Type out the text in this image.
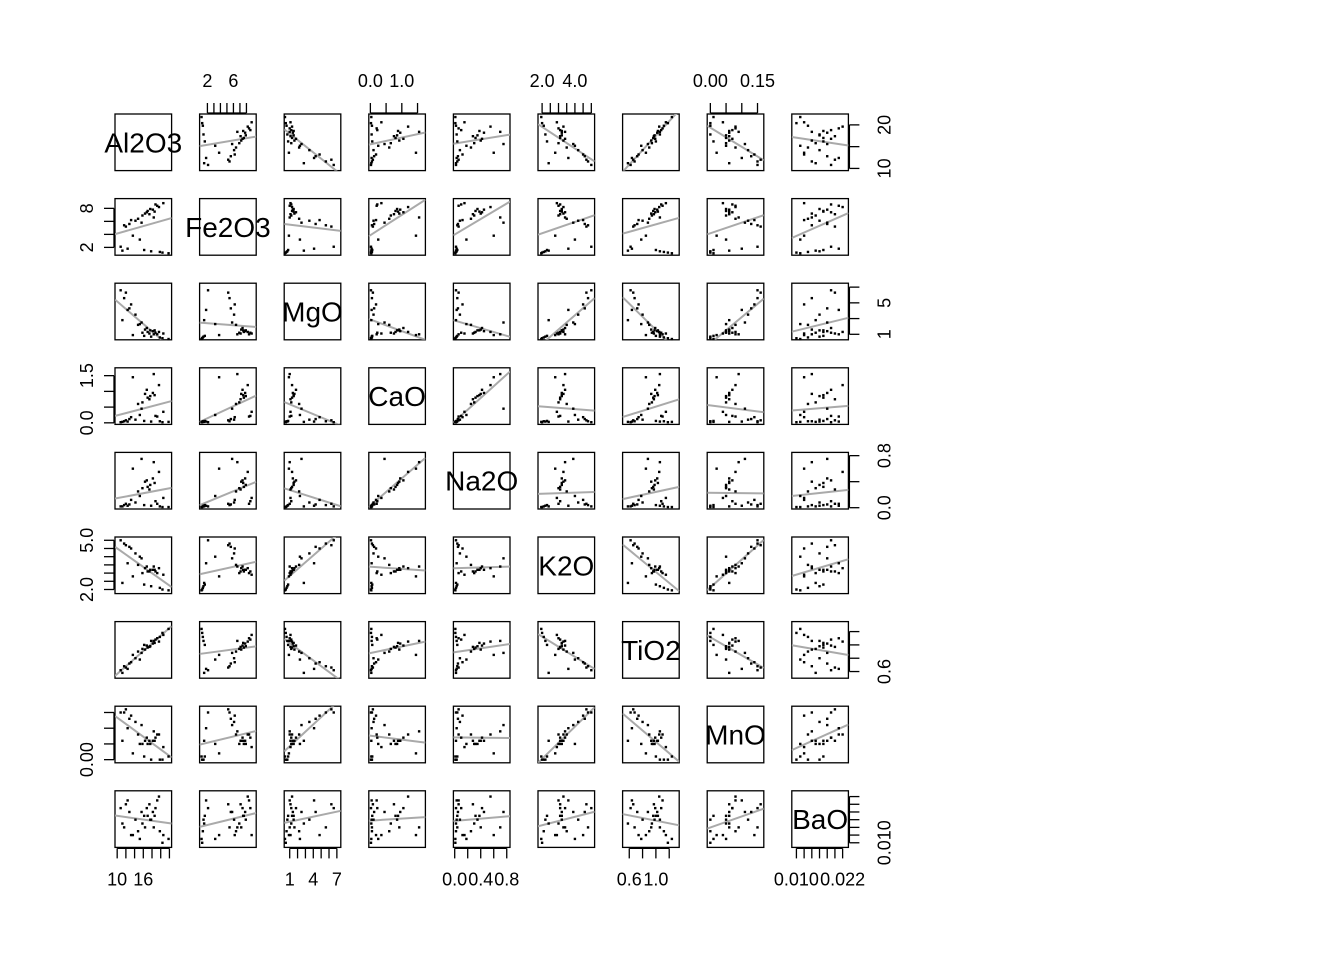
2 6	0.0 1.0	2.0 4.0	0.00 0.15
10 16	1 4 7	0.0 0.4 0.8	0.6 1.0	0.010 0.022
2
8
0.0
1.5
2.0
5.0
0.00
10
20
1
5
0.0
0.8
0.6
0.010
Al2O3
Fe2O3
MgO
CaO
Na2O
K2O
TiO2
MnO
BaO
